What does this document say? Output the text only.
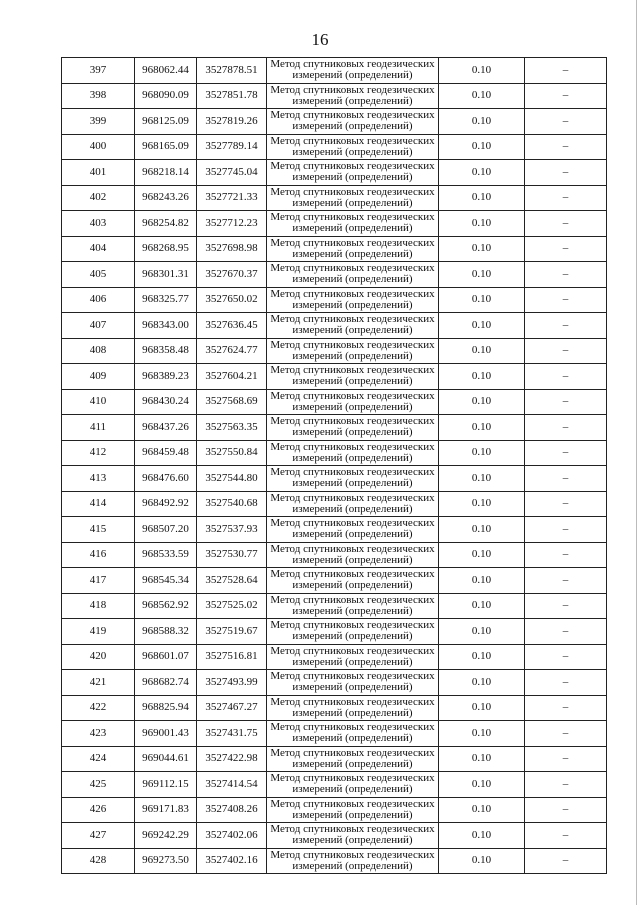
16
397	968062.44	3527878.51	Метод спутниковых геодезических
измерений (определений)	0.10	–
398	968090.09	3527851.78	Метод спутниковых геодезических
измерений (определений)	0.10	–
399	968125.09	3527819.26	Метод спутниковых геодезических
измерений (определений)	0.10	–
400	968165.09	3527789.14	Метод спутниковых геодезических
измерений (определений)	0.10	–
401	968218.14	3527745.04	Метод спутниковых геодезических
измерений (определений)	0.10	–
402	968243.26	3527721.33	Метод спутниковых геодезических
измерений (определений)	0.10	–
403	968254.82	3527712.23	Метод спутниковых геодезических
измерений (определений)	0.10	–
404	968268.95	3527698.98	Метод спутниковых геодезических
измерений (определений)	0.10	–
405	968301.31	3527670.37	Метод спутниковых геодезических
измерений (определений)	0.10	–
406	968325.77	3527650.02	Метод спутниковых геодезических
измерений (определений)	0.10	–
407	968343.00	3527636.45	Метод спутниковых геодезических
измерений (определений)	0.10	–
408	968358.48	3527624.77	Метод спутниковых геодезических
измерений (определений)	0.10	–
409	968389.23	3527604.21	Метод спутниковых геодезических
измерений (определений)	0.10	–
410	968430.24	3527568.69	Метод спутниковых геодезических
измерений (определений)	0.10	–
411	968437.26	3527563.35	Метод спутниковых геодезических
измерений (определений)	0.10	–
412	968459.48	3527550.84	Метод спутниковых геодезических
измерений (определений)	0.10	–
413	968476.60	3527544.80	Метод спутниковых геодезических
измерений (определений)	0.10	–
414	968492.92	3527540.68	Метод спутниковых геодезических
измерений (определений)	0.10	–
415	968507.20	3527537.93	Метод спутниковых геодезических
измерений (определений)	0.10	–
416	968533.59	3527530.77	Метод спутниковых геодезических
измерений (определений)	0.10	–
417	968545.34	3527528.64	Метод спутниковых геодезических
измерений (определений)	0.10	–
418	968562.92	3527525.02	Метод спутниковых геодезических
измерений (определений)	0.10	–
419	968588.32	3527519.67	Метод спутниковых геодезических
измерений (определений)	0.10	–
420	968601.07	3527516.81	Метод спутниковых геодезических
измерений (определений)	0.10	–
421	968682.74	3527493.99	Метод спутниковых геодезических
измерений (определений)	0.10	–
422	968825.94	3527467.27	Метод спутниковых геодезических
измерений (определений)	0.10	–
423	969001.43	3527431.75	Метод спутниковых геодезических
измерений (определений)	0.10	–
424	969044.61	3527422.98	Метод спутниковых геодезических
измерений (определений)	0.10	–
425	969112.15	3527414.54	Метод спутниковых геодезических
измерений (определений)	0.10	–
426	969171.83	3527408.26	Метод спутниковых геодезических
измерений (определений)	0.10	–
427	969242.29	3527402.06	Метод спутниковых геодезических
измерений (определений)	0.10	–
428	969273.50	3527402.16	Метод спутниковых геодезических
измерений (определений)	0.10	–
